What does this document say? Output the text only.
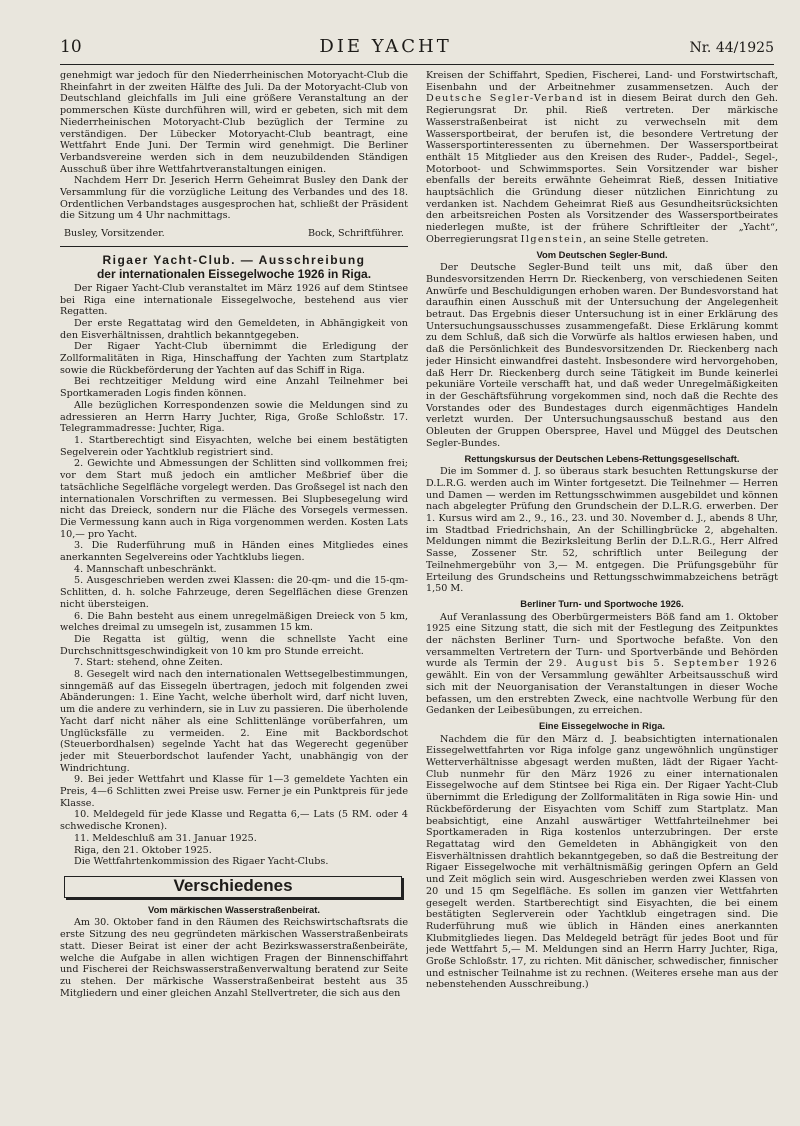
10	DIE YACHT	Nr. 44/1925

genehmigt war jedoch für den Niederrheinischen Motoryacht-Club die Rheinfahrt in der zweiten Hälfte des Juli. Da der Motoryacht-Club von Deutschland gleichfalls im Juli eine größere Veranstaltung an der pommerschen Küste durchführen will, wird er gebeten, sich mit dem Niederrheinischen Motoryacht-Club bezüglich der Termine zu verständigen. Der Lübecker Motoryacht-Club beantragt, eine Wettfahrt Ende Juni. Der Termin wird genehmigt. Die Berliner Verbandsvereine werden sich in dem neuzubildenden Ständigen Ausschuß über ihre Wettfahrtveranstaltungen einigen.

Nachdem Herr Dr. Jeserich Herrn Geheimrat Busley den Dank der Versammlung für die vorzügliche Leitung des Verbandes und des 18. Ordentlichen Verbandstages ausgesprochen hat, schließt der Präsident die Sitzung um 4 Uhr nachmittags.

Busley, Vorsitzender.	Bock, Schriftführer.
Rigaer Yacht-Club. — Ausschreibung
der internationalen Eissegelwoche 1926 in Riga.

Der Rigaer Yacht-Club veranstaltet im März 1926 auf dem Stintsee bei Riga eine internationale Eissegelwoche, bestehend aus vier Regatten.

Der erste Regattatag wird den Gemeldeten, in Abhängigkeit von den Eisverhältnissen, drahtlich bekanntgegeben.

Der Rigaer Yacht-Club übernimmt die Erledigung der Zollformalitäten in Riga, Hinschaffung der Yachten zum Startplatz sowie die Rückbeförderung der Yachten auf das Schiff in Riga.

Bei rechtzeitiger Meldung wird eine Anzahl Teilnehmer bei Sportkameraden Logis finden können.

Alle bezüglichen Korrespondenzen sowie die Meldungen sind zu adressieren an Herrn Harry Juchter, Riga, Große Schloßstr. 17. Telegrammadresse: Juchter, Riga.

1. Startberechtigt sind Eisyachten, welche bei einem bestätigten Segelverein oder Yachtklub registriert sind.

2. Gewichte und Abmessungen der Schlitten sind vollkommen frei; vor dem Start muß jedoch ein amtlicher Meßbrief über die tatsächliche Segelfläche vorgelegt werden. Das Großsegel ist nach den internationalen Vorschriften zu vermessen. Bei Slupbesegelung wird nicht das Dreieck, sondern nur die Fläche des Vorsegels vermessen. Die Vermessung kann auch in Riga vorgenommen werden. Kosten Lats 10,— pro Yacht.

3. Die Ruderführung muß in Händen eines Mitgliedes eines anerkannten Segelvereins oder Yachtklubs liegen.

4. Mannschaft unbeschränkt.

5. Ausgeschrieben werden zwei Klassen: die 20-qm- und die 15-qm-Schlitten, d. h. solche Fahrzeuge, deren Segelflächen diese Grenzen nicht übersteigen.

6. Die Bahn besteht aus einem unregelmäßigen Dreieck von 5 km, welches dreimal zu umsegeln ist, zusammen 15 km.

Die Regatta ist gültig, wenn die schnellste Yacht eine Durchschnittsgeschwindigkeit von 10 km pro Stunde erreicht.

7. Start: stehend, ohne Zeiten.

8. Gesegelt wird nach den internationalen Wettsegelbestimmungen, sinngemäß auf das Eissegeln übertragen, jedoch mit folgenden zwei Abänderungen: 1. Eine Yacht, welche überholt wird, darf nicht luven, um die andere zu verhindern, sie in Luv zu passieren. Die überholende Yacht darf nicht näher als eine Schlittenlänge vorüberfahren, um Unglücksfälle zu vermeiden. 2. Eine mit Backbordschot (Steuerbordhalsen) segelnde Yacht hat das Wegerecht gegenüber jeder mit Steuerbordschot laufender Yacht, unabhängig von der Windrichtung.

9. Bei jeder Wettfahrt und Klasse für 1—3 gemeldete Yachten ein Preis, 4—6 Schlitten zwei Preise usw. Ferner je ein Punktpreis für jede Klasse.

10. Meldegeld für jede Klasse und Regatta 6,— Lats (5 RM. oder 4 schwedische Kronen).

11. Meldeschluß am 31. Januar 1925.

Riga, den 21. Oktober 1925.

Die Wettfahrtenkommission des Rigaer Yacht-Clubs.

Verschiedenes
Vom märkischen Wasserstraßenbeirat.

Am 30. Oktober fand in den Räumen des Reichswirtschaftsrats die erste Sitzung des neu gegründeten märkischen Wasserstraßenbeirats statt. Dieser Beirat ist einer der acht Bezirkswasserstraßenbeiräte, welche die Aufgabe in allen wichtigen Fragen der Binnenschiffahrt und Fischerei der Reichswasserstraßenverwaltung beratend zur Seite zu stehen. Der märkische Wasserstraßenbeirat besteht aus 35 Mitgliedern und einer gleichen Anzahl Stellvertreter, die sich aus den

Kreisen der Schiffahrt, Spedien, Fischerei, Land- und Forstwirtschaft, Eisenbahn und der Arbeitnehmer zusammensetzen. Auch der Deutsche Segler-Verband ist in diesem Beirat durch den Geh. Regierungsrat Dr. phil. Rieß vertreten. Der märkische Wasserstraßenbeirat ist nicht zu verwechseln mit dem Wassersportbeirat, der berufen ist, die besondere Vertretung der Wassersportinteressenten zu übernehmen. Der Wassersportbeirat enthält 15 Mitglieder aus den Kreisen des Ruder-, Paddel-, Segel-, Motorboot- und Schwimmsportes. Sein Vorsitzender war bisher ebenfalls der bereits erwähnte Geheimrat Rieß, dessen Initiative hauptsächlich die Gründung dieser nützlichen Einrichtung zu verdanken ist. Nachdem Geheimrat Rieß aus Gesundheitsrücksichten den arbeitsreichen Posten als Vorsitzender des Wassersportbeirates niederlegen mußte, ist der frühere Schriftleiter der „Yacht“, Oberregierungsrat Ilgenstein, an seine Stelle getreten.

Vom Deutschen Segler-Bund.

Der Deutsche Segler-Bund teilt uns mit, daß über den Bundesvorsitzenden Herrn Dr. Rieckenberg, von verschiedenen Seiten Anwürfe und Beschuldigungen erhoben waren. Der Bundesvorstand hat daraufhin einen Ausschuß mit der Untersuchung der Angelegenheit betraut. Das Ergebnis dieser Untersuchung ist in einer Erklärung des Untersuchungsausschusses zusammengefaßt. Diese Erklärung kommt zu dem Schluß, daß sich die Vorwürfe als haltlos erwiesen haben, und daß die Persönlichkeit des Bundesvorsitzenden Dr. Rieckenberg nach jeder Hinsicht einwandfrei dasteht. Insbesondere wird hervorgehoben, daß Herr Dr. Rieckenberg durch seine Tätigkeit im Bunde keinerlei pekuniäre Vorteile verschafft hat, und daß weder Unregelmäßigkeiten in der Geschäftsführung vorgekommen sind, noch daß die Rechte des Vorstandes oder des Bundestages durch eigenmächtiges Handeln verletzt wurden. Der Untersuchungsausschuß bestand aus den Obleuten der Gruppen Oberspree, Havel und Müggel des Deutschen Segler-Bundes.

Rettungskursus der Deutschen Lebens-Rettungsgesellschaft.

Die im Sommer d. J. so überaus stark besuchten Rettungskurse der D.L.R.G. werden auch im Winter fortgesetzt. Die Teilnehmer — Herren und Damen — werden im Rettungsschwimmen ausgebildet und können nach abgelegter Prüfung den Grundschein der D.L.R.G. erwerben. Der 1. Kursus wird am 2., 9., 16., 23. und 30. November d. J., abends 8 Uhr, im Stadtbad Friedrichshain, An der Schillingbrücke 2, abgehalten. Meldungen nimmt die Bezirksleitung Berlin der D.L.R.G., Herr Alfred Sasse, Zossener Str. 52, schriftlich unter Beilegung der Teilnehmergebühr von 3,— M. entgegen. Die Prüfungsgebühr für Erteilung des Grundscheins und Rettungsschwimmabzeichens beträgt 1,50 M.

Berliner Turn- und Sportwoche 1926.

Auf Veranlassung des Oberbürgermeisters Böß fand am 1. Oktober 1925 eine Sitzung statt, die sich mit der Festlegung des Zeitpunktes der nächsten Berliner Turn- und Sportwoche befaßte. Von den versammelten Vertretern der Turn- und Sportverbände und Behörden wurde als Termin der 29. August bis 5. September 1926 gewählt. Ein von der Versammlung gewählter Arbeitsausschuß wird sich mit der Neuorganisation der Veranstaltungen in dieser Woche befassen, um den erstrebten Zweck, eine nachtvolle Werbung für den Gedanken der Leibesübungen, zu erreichen.

Eine Eissegelwoche in Riga.

Nachdem die für den März d. J. beabsichtigten internationalen Eissegelwettfahrten vor Riga infolge ganz ungewöhnlich ungünstiger Wetterverhältnisse abgesagt werden mußten, lädt der Rigaer Yacht-Club nunmehr für den März 1926 zu einer internationalen Eissegelwoche auf dem Stintsee bei Riga ein. Der Rigaer Yacht-Club übernimmt die Erledigung der Zollformalitäten in Riga sowie Hin- und Rückbeförderung der Eisyachten vom Schiff zum Startplatz. Man beabsichtigt, eine Anzahl auswärtiger Wettfahrteilnehmer bei Sportkameraden in Riga kostenlos unterzubringen. Der erste Regattatag wird den Gemeldeten in Abhängigkeit von den Eisverhältnissen drahtlich bekanntgegeben, so daß die Bestreitung der Rigaer Eissegelwoche mit verhältnismäßig geringen Opfern an Geld und Zeit möglich sein wird. Ausgeschrieben werden zwei Klassen von 20 und 15 qm Segelfläche. Es sollen im ganzen vier Wettfahrten gesegelt werden. Startberechtigt sind Eisyachten, die bei einem bestätigten Seglerverein oder Yachtklub eingetragen sind. Die Ruderführung muß wie üblich in Händen eines anerkannten Klubmitgliedes liegen. Das Meldegeld beträgt für jedes Boot und für jede Wettfahrt 5,— M. Meldungen sind an Herrn Harry Juchter, Riga, Große Schloßstr. 17, zu richten. Mit dänischer, schwedischer, finnischer und estnischer Teilnahme ist zu rechnen. (Weiteres ersehe man aus der nebenstehenden Ausschreibung.)
